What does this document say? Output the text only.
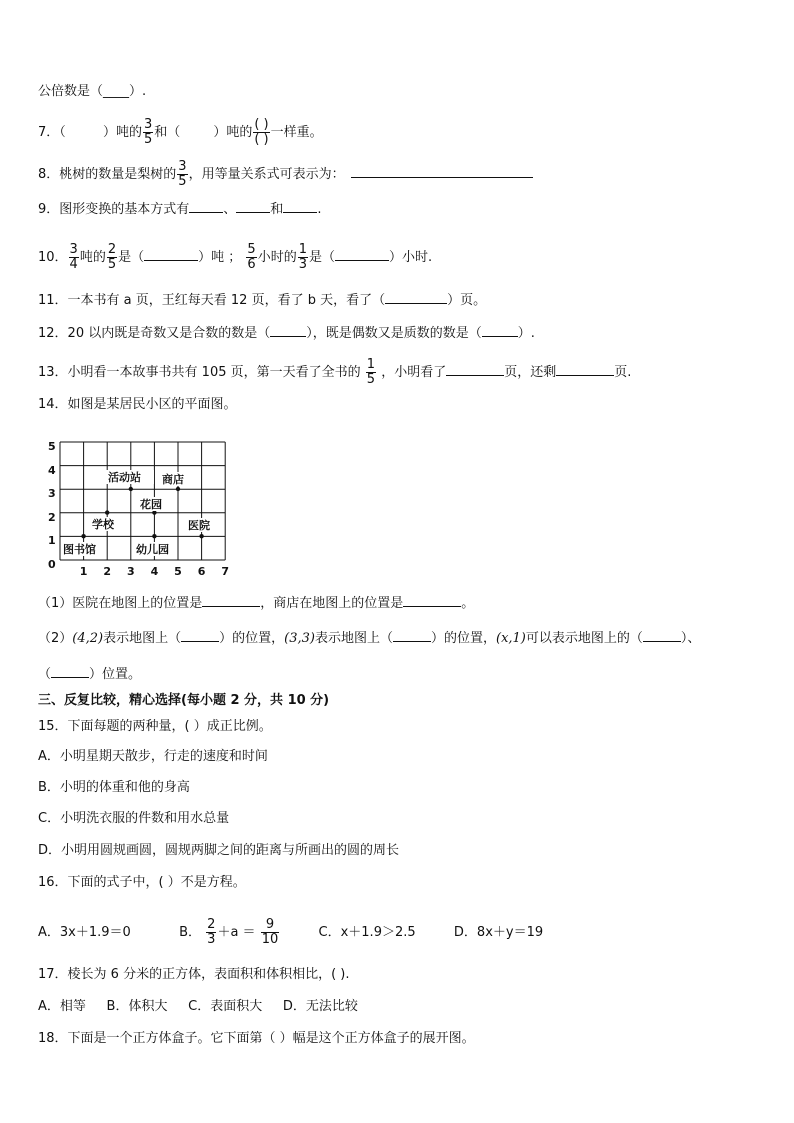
公倍数是（____）.
7．（         ）吨的 $\frac{3}{5}$ 和（        ）吨的 $\frac{( )}{( )}$ 一样重。
8．桃树的数量是梨树的 $\frac{3}{5}$ ，用等量关系式可表示为：
9．图形变换的基本方式有	、	和	.
10． $\frac{3}{4}$ 吨的 $\frac{2}{5}$ 是（	）吨 ； $\frac{5}{6}$ 小时的 $\frac{1}{3}$ 是（	）小时.
11．一本书有 a 页，王红每天看 12 页，看了 b 天，看了（	）页。
12．20 以内既是奇数又是合数的数是（	），既是偶数又是质数的数是（	）.
13．小明看一本故事书共有 105 页，第一天看了全书的 $\frac{1}{5}$ ，小明看了	页，还剩	页.
14．如图是某居民小区的平面图。
0
1
2
3
4
5
1 2 3 4 5 6 7
活动站 商店
花园
学校	医院
图书馆	幼儿园
（1）医院在地图上的位置是	，商店在地图上的位置是	。
（2）(4,2)表示地图上（	）的位置，(3,3)表示地图上（	）的位置，(x,1)可以表示地图上的（	）、
（	）位置。
三、反复比较，精心选择(每小题 2 分，共 10 分)
15．下面每题的两种量，( ）成正比例。
A．小明星期天散步，行走的速度和时间
B．小明的体重和他的身高
C．小明洗衣服的件数和用水总量
D．小明用圆规画圆，圆规两脚之间的距离与所画出的圆的周长
16．下面的式子中，( ）不是方程。
A．3x＋1.9＝0	B． $\frac{2}{3} +a = \frac{9}{10}$	C．x＋1.9＞2.5	D．8x＋y＝19
17．棱长为 6 分米的正方体，表面积和体积相比，( ).
A．相等     B．体积大     C．表面积大     D．无法比较
18．下面是一个正方体盒子。它下面第（ ）幅是这个正方体盒子的展开图。
